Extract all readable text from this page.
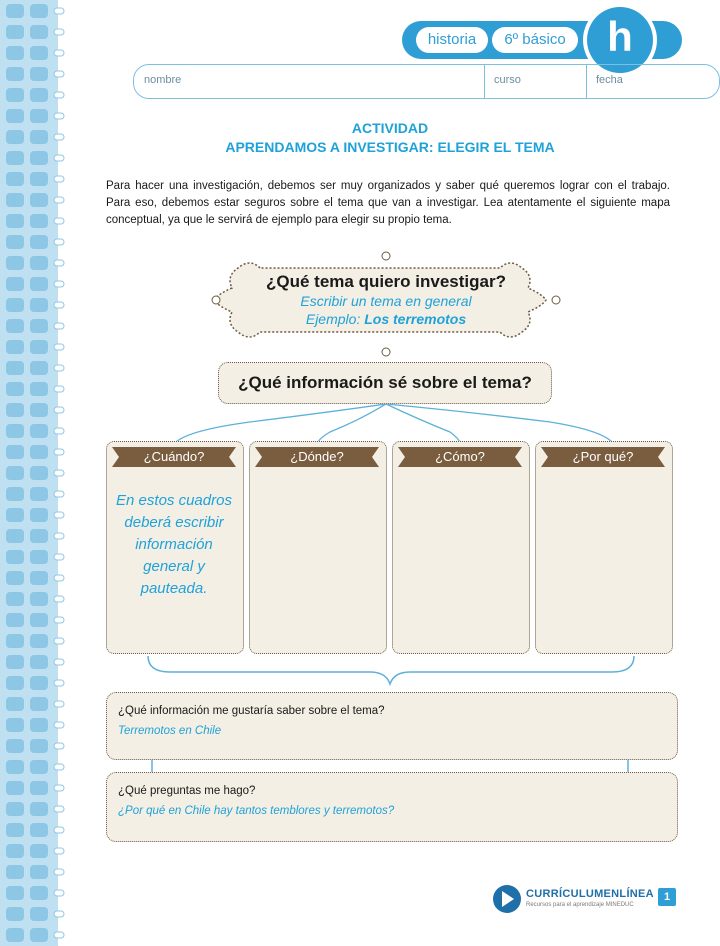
historia	6º básico h
nombre	curso	fecha
ACTIVIDAD
APRENDAMOS A INVESTIGAR: ELEGIR EL TEMA
Para hacer una investigación, debemos ser muy organizados y saber qué queremos lograr con el trabajo. Para eso, debemos estar seguros sobre el tema que van a investigar. Lea atentamente el siguiente mapa conceptual, ya que le servirá de ejemplo para elegir su propio tema.
¿Qué tema quiero investigar?
Escribir un tema en general
Ejemplo: Los terremotos
¿Qué información sé sobre el tema?
¿Cuándo?	¿Dónde?	¿Cómo?	¿Por qué?
En estos cuadros deberá escribir información general y pauteada.
¿Qué información me gustaría saber sobre el tema?
Terremotos en Chile
¿Qué preguntas me hago?
¿Por qué en Chile hay tantos temblores y terremotos?
CURRÍCULUMENLÍNEA
Recursos para el aprendizaje MINEDUC
1
